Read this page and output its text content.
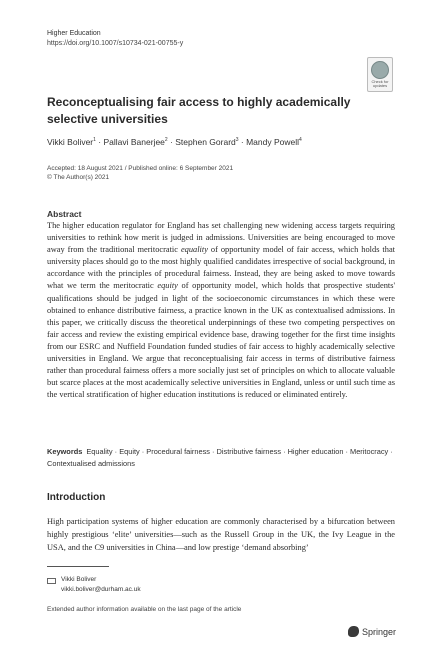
Higher Education
https://doi.org/10.1007/s10734-021-00755-y
Check for
updates
Reconceptualising fair access to highly academically selective universities
Vikki Boliver$^1$ · Pallavi Banerjee$^2$ · Stephen Gorard$^3$ · Mandy Powell$^4$
Accepted: 18 August 2021 / Published online: 6 September 2021
© The Author(s) 2021
Abstract
The higher education regulator for England has set challenging new widening access targets requiring universities to rethink how merit is judged in admissions. Universities are being encouraged to move away from the traditional meritocratic equality of opportunity model of fair access, which holds that university places should go to the most highly qualified candidates irrespective of social background, in accordance with the principles of procedural fairness. Instead, they are being asked to move towards what we term the meritocratic equity of opportunity model, which holds that prospective students' qualifications should be judged in light of the socioeconomic circumstances in which these were obtained to enhance distributive fairness, a practice known in the UK as contextualised admissions. In this paper, we critically discuss the theoretical underpinnings of these two competing perspectives on fair access and review the existing empirical evidence base, drawing together for the first time insights from our ESRC and Nuffield Foundation funded studies of fair access to highly academically selective universities in England. We argue that reconceptualising fair access in terms of distributive fairness rather than procedural fairness offers a more socially just set of principles on which to allocate valuable but scarce places at the most academically selective universities in England, unless or until such time as the vertical stratification of higher education institutions is reduced or eliminated entirely.
Keywords Equality · Equity · Procedural fairness · Distributive fairness · Higher education · Meritocracy · Contextualised admissions
Introduction
High participation systems of higher education are commonly characterised by a bifurcation between highly prestigious ‘elite’ universities—such as the Russell Group in the UK, the Ivy League in the USA, and the C9 universities in China—and low prestige ‘demand absorbing’
Vikki Boliver
vikki.boliver@durham.ac.uk
Extended author information available on the last page of the article
Springer
